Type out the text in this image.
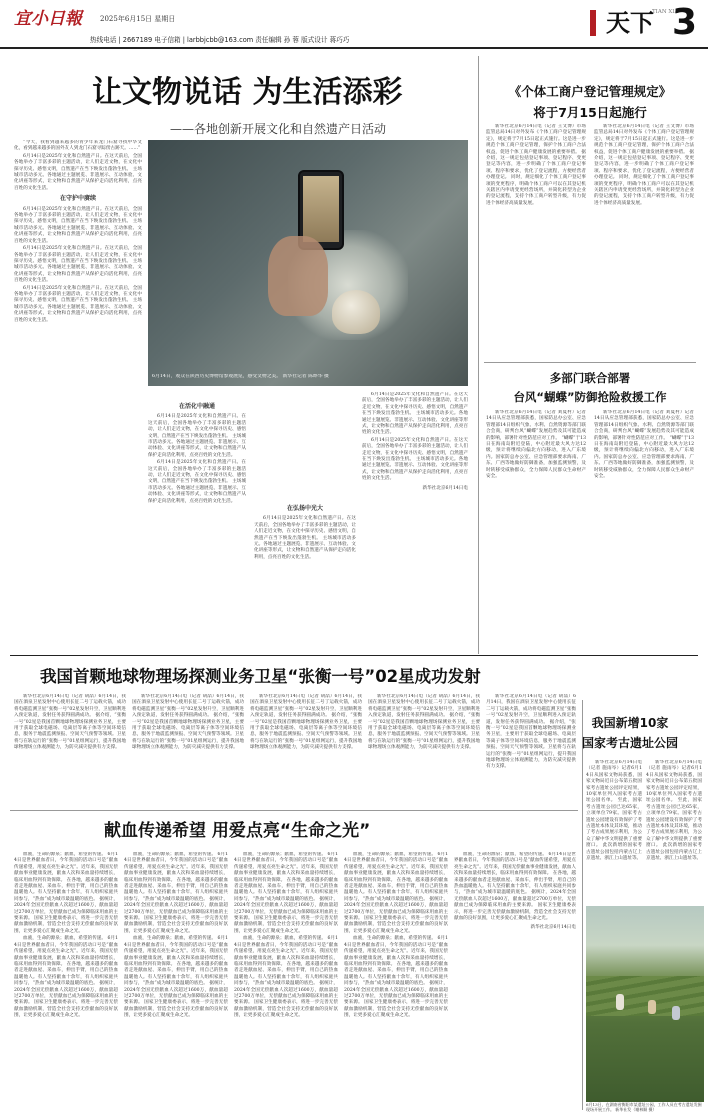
宜小日報	2025年6月15日 星期日
热线电话 | 2667189 电子信箱 | larbbjcbb@163.com 责任编辑 孙 蓉 版式设计 蒋巧巧
天下
TIAN XIA
3
让文物说话 为生活添彩
——各地创新开展文化和自然遗产日活动
6月14日，观众在陕西历史博物馆参观展览，感受文物之美。 新华社记者 陈晔华 摄

“今天，我看到越来越多的青少年来龙门石窟寻找中华文化，看到越来越多的国外友人到龙门石窟寻踪傍古跡天。……”

6月14日是2025年文化和自然遗产日。在这天前后，全国各地举办了丰富多彩的主题活动，让人们走近文物，在文化中探寻历史、感悟文明，自然遗产在当下焕发出蓬勃生机。 主场城市活动多元。各地通过主题展览、非遗展示、互动体验、文化讲座等形式，让文物和自然遗产从保护走向活化利用，点亮百姓的文化生活。

在守护中赓续

6月14日是2025年文化和自然遗产日。在这天前后，全国各地举办了丰富多彩的主题活动，让人们走近文物，在文化中探寻历史、感悟文明，自然遗产在当下焕发出蓬勃生机。 主场城市活动多元。各地通过主题展览、非遗展示、互动体验、文化讲座等形式，让文物和自然遗产从保护走向活化利用，点亮百姓的文化生活。

6月14日是2025年文化和自然遗产日。在这天前后，全国各地举办了丰富多彩的主题活动，让人们走近文物，在文化中探寻历史、感悟文明，自然遗产在当下焕发出蓬勃生机。 主场城市活动多元。各地通过主题展览、非遗展示、互动体验、文化讲座等形式，让文物和自然遗产从保护走向活化利用，点亮百姓的文化生活。

6月14日是2025年文化和自然遗产日。在这天前后，全国各地举办了丰富多彩的主题活动，让人们走近文物，在文化中探寻历史、感悟文明，自然遗产在当下焕发出蓬勃生机。 主场城市活动多元。各地通过主题展览、非遗展示、互动体验、文化讲座等形式，让文物和自然遗产从保护走向活化利用，点亮百姓的文化生活。

在活化中融通

6月14日是2025年文化和自然遗产日。在这天前后，全国各地举办了丰富多彩的主题活动，让人们走近文物，在文化中探寻历史、感悟文明，自然遗产在当下焕发出蓬勃生机。 主场城市活动多元。各地通过主题展览、非遗展示、互动体验、文化讲座等形式，让文物和自然遗产从保护走向活化利用，点亮百姓的文化生活。

6月14日是2025年文化和自然遗产日。在这天前后，全国各地举办了丰富多彩的主题活动，让人们走近文物，在文化中探寻历史、感悟文明，自然遗产在当下焕发出蓬勃生机。 主场城市活动多元。各地通过主题展览、非遗展示、互动体验、文化讲座等形式，让文物和自然遗产从保护走向活化利用，点亮百姓的文化生活。

在弘扬中光大

6月14日是2025年文化和自然遗产日。在这天前后，全国各地举办了丰富多彩的主题活动，让人们走近文物，在文化中探寻历史、感悟文明，自然遗产在当下焕发出蓬勃生机。 主场城市活动多元。各地通过主题展览、非遗展示、互动体验、文化讲座等形式，让文物和自然遗产从保护走向活化利用，点亮百姓的文化生活。

6月14日是2025年文化和自然遗产日。在这天前后，全国各地举办了丰富多彩的主题活动，让人们走近文物，在文化中探寻历史、感悟文明，自然遗产在当下焕发出蓬勃生机。 主场城市活动多元。各地通过主题展览、非遗展示、互动体验、文化讲座等形式，让文物和自然遗产从保护走向活化利用，点亮百姓的文化生活。

6月14日是2025年文化和自然遗产日。在这天前后，全国各地举办了丰富多彩的主题活动，让人们走近文物，在文化中探寻历史、感悟文明，自然遗产在当下焕发出蓬勃生机。 主场城市活动多元。各地通过主题展览、非遗展示、互动体验、文化讲座等形式，让文物和自然遗产从保护走向活化利用，点亮百姓的文化生活。

新华社北京6月14日电
《个体工商户登记管理规定》
将于7月15日起施行

新华社北京6月14日电（记者 王文博）市场监管总局14日对外发布《个体工商户登记管理规定》，规定将于7月15日起正式施行。这是进一步规范个体工商户登记管理，保护个体工商户合法权益，促进个体工商户健康发展的重要举措。 据介绍，这一规定包括登记事项、登记程序、变更登记等内容，进一步明确了个体工商户登记事项、程序和要求，优化了登记流程，方便经营者办理登记。 同时，规定细化了个体工商户登记事项的变更程序，明确个体工商户可以在其登记机关辖区内申请变更经营场所，并简化转型为企业的登记流程，支持个体工商户转型升级，有力促进个体经济高质量发展。

新华社北京6月14日电（记者 王文博）市场监管总局14日对外发布《个体工商户登记管理规定》，规定将于7月15日起正式施行。这是进一步规范个体工商户登记管理，保护个体工商户合法权益，促进个体工商户健康发展的重要举措。 据介绍，这一规定包括登记事项、登记程序、变更登记等内容，进一步明确了个体工商户登记事项、程序和要求，优化了登记流程，方便经营者办理登记。 同时，规定细化了个体工商户登记事项的变更程序，明确个体工商户可以在其登记机关辖区内申请变更经营场所，并简化转型为企业的登记流程，支持个体工商户转型升级，有力促进个体经济高质量发展。

多部门联合部署
台风“蝴蝶”防御抢险救援工作

新华社北京6月14日电（记者 刘夏村）记者14日从应急管理部获悉，国家防总办公室、应急管理部14日组织气象、水利、自然资源等部门联合会商，研判台风“蝴蝶”发展趋势及其可能造成的影响，部署针对性防范应对工作。 “蝴蝶”于13日在海南岛附近登陆，中心附近最大风力达12级，预计将继续向偏北方向移动，进入广东境内。国家防总办公室、应急管理部要求海南、广东、广西等地做好防御准备，加强监测预警，及时转移受威胁群众，全力保障人民群众生命财产安全。

新华社北京6月14日电（记者 刘夏村）记者14日从应急管理部获悉，国家防总办公室、应急管理部14日组织气象、水利、自然资源等部门联合会商，研判台风“蝴蝶”发展趋势及其可能造成的影响，部署针对性防范应对工作。 “蝴蝶”于13日在海南岛附近登陆，中心附近最大风力达12级，预计将继续向偏北方向移动，进入广东境内。国家防总办公室、应急管理部要求海南、广东、广西等地做好防御准备，加强监测预警，及时转移受威胁群众，全力保障人民群众生命财产安全。

我国首颗地球物理场探测业务卫星“张衡一号”02星成功发射

新华社北京6月14日电（记者 胡喆）6月14日，我国在酒泉卫星发射中心使用长征二号丁运载火箭，成功将电磁监测卫星“张衡一号”02星发射升空，卫星顺利进入预定轨道，发射任务获得圆满成功。 据介绍，“张衡一号”02星是我国首颗地球物理场探测业务卫星，主要用于获取全球电磁场、电离层等离子体等空间环境信息，服务于地震监测预报、空间天气预警等领域。卫星将与在轨运行的“张衡一号”01星组网运行，提升我国地球物理场立体观测能力，为防灾减灾提供有力支撑。

新华社北京6月14日电（记者 胡喆）6月14日，我国在酒泉卫星发射中心使用长征二号丁运载火箭，成功将电磁监测卫星“张衡一号”02星发射升空，卫星顺利进入预定轨道，发射任务获得圆满成功。 据介绍，“张衡一号”02星是我国首颗地球物理场探测业务卫星，主要用于获取全球电磁场、电离层等离子体等空间环境信息，服务于地震监测预报、空间天气预警等领域。卫星将与在轨运行的“张衡一号”01星组网运行，提升我国地球物理场立体观测能力，为防灾减灾提供有力支撑。

新华社北京6月14日电（记者 胡喆）6月14日，我国在酒泉卫星发射中心使用长征二号丁运载火箭，成功将电磁监测卫星“张衡一号”02星发射升空，卫星顺利进入预定轨道，发射任务获得圆满成功。 据介绍，“张衡一号”02星是我国首颗地球物理场探测业务卫星，主要用于获取全球电磁场、电离层等离子体等空间环境信息，服务于地震监测预报、空间天气预警等领域。卫星将与在轨运行的“张衡一号”01星组网运行，提升我国地球物理场立体观测能力，为防灾减灾提供有力支撑。

新华社北京6月14日电（记者 胡喆）6月14日，我国在酒泉卫星发射中心使用长征二号丁运载火箭，成功将电磁监测卫星“张衡一号”02星发射升空，卫星顺利进入预定轨道，发射任务获得圆满成功。 据介绍，“张衡一号”02星是我国首颗地球物理场探测业务卫星，主要用于获取全球电磁场、电离层等离子体等空间环境信息，服务于地震监测预报、空间天气预警等领域。卫星将与在轨运行的“张衡一号”01星组网运行，提升我国地球物理场立体观测能力，为防灾减灾提供有力支撑。

新华社北京6月14日电（记者 胡喆）6月14日，我国在酒泉卫星发射中心使用长征二号丁运载火箭，成功将电磁监测卫星“张衡一号”02星发射升空，卫星顺利进入预定轨道，发射任务获得圆满成功。 据介绍，“张衡一号”02星是我国首颗地球物理场探测业务卫星，主要用于获取全球电磁场、电离层等离子体等空间环境信息，服务于地震监测预报、空间天气预警等领域。卫星将与在轨运行的“张衡一号”01星组网运行，提升我国地球物理场立体观测能力，为防灾减灾提供有力支撑。

我国新增10家
国家考古遗址公园

新华社北京6月14日电（记者 施雨岑）记者6月14日从国家文物局获悉，国家文物局近日公布第五批国家考古遗址公园评定结果，10家单位列入国家考古遗址公园名单。 至此，国家考古遗址公园已达65家，立项单位79家。国家考古遗址公园建设有效保护了考古遗址本体及其环境，推动了考古成果展示利用，为公众了解中华文明提供了重要窗口。 此次新增的国家考古遗址公园包括内蒙古辽上京遗址、浙江上山遗址等。

新华社北京6月14日电（记者 施雨岑）记者6月14日从国家文物局获悉，国家文物局近日公布第五批国家考古遗址公园评定结果，10家单位列入国家考古遗址公园名单。 至此，国家考古遗址公园已达65家，立项单位79家。国家考古遗址公园建设有效保护了考古遗址本体及其环境，推动了考古成果展示利用，为公众了解中华文明提供了重要窗口。 此次新增的国家考古遗址公园包括内蒙古辽上京遗址、浙江上山遗址等。

献血传递希望 用爱点亮“生命之光”

血液，生命的源泉；献血，希望的传递。 6月14日是世界献血者日，今年我国的活动口号是“献血传递希望，用爱点亮生命之光”。近年来，我国无偿献血事业健康发展，献血人次和采血量持续增长，临床用血得到有效保障。 在各地，越来越多的献血者走进献血屋、采血车，伸出手臂，用自己的热血温暖他人。有人坚持献血十余年，有人组织家庭共同参与，“热血”成为城市最温暖的底色。 据统计，2024年全国无偿献血人次超过1600万，献血量超过2700万单位，无偿献血已成为保障临床用血的主要来源。 国家卫生健康委表示，将进一步完善无偿献血激励机制，营造全社会支持无偿献血的良好氛围，让更多爱心汇聚成生命之光。

血液，生命的源泉；献血，希望的传递。 6月14日是世界献血者日，今年我国的活动口号是“献血传递希望，用爱点亮生命之光”。近年来，我国无偿献血事业健康发展，献血人次和采血量持续增长，临床用血得到有效保障。 在各地，越来越多的献血者走进献血屋、采血车，伸出手臂，用自己的热血温暖他人。有人坚持献血十余年，有人组织家庭共同参与，“热血”成为城市最温暖的底色。 据统计，2024年全国无偿献血人次超过1600万，献血量超过2700万单位，无偿献血已成为保障临床用血的主要来源。 国家卫生健康委表示，将进一步完善无偿献血激励机制，营造全社会支持无偿献血的良好氛围，让更多爱心汇聚成生命之光。

血液，生命的源泉；献血，希望的传递。 6月14日是世界献血者日，今年我国的活动口号是“献血传递希望，用爱点亮生命之光”。近年来，我国无偿献血事业健康发展，献血人次和采血量持续增长，临床用血得到有效保障。 在各地，越来越多的献血者走进献血屋、采血车，伸出手臂，用自己的热血温暖他人。有人坚持献血十余年，有人组织家庭共同参与，“热血”成为城市最温暖的底色。 据统计，2024年全国无偿献血人次超过1600万，献血量超过2700万单位，无偿献血已成为保障临床用血的主要来源。 国家卫生健康委表示，将进一步完善无偿献血激励机制，营造全社会支持无偿献血的良好氛围，让更多爱心汇聚成生命之光。

血液，生命的源泉；献血，希望的传递。 6月14日是世界献血者日，今年我国的活动口号是“献血传递希望，用爱点亮生命之光”。近年来，我国无偿献血事业健康发展，献血人次和采血量持续增长，临床用血得到有效保障。 在各地，越来越多的献血者走进献血屋、采血车，伸出手臂，用自己的热血温暖他人。有人坚持献血十余年，有人组织家庭共同参与，“热血”成为城市最温暖的底色。 据统计，2024年全国无偿献血人次超过1600万，献血量超过2700万单位，无偿献血已成为保障临床用血的主要来源。 国家卫生健康委表示，将进一步完善无偿献血激励机制，营造全社会支持无偿献血的良好氛围，让更多爱心汇聚成生命之光。

血液，生命的源泉；献血，希望的传递。 6月14日是世界献血者日，今年我国的活动口号是“献血传递希望，用爱点亮生命之光”。近年来，我国无偿献血事业健康发展，献血人次和采血量持续增长，临床用血得到有效保障。 在各地，越来越多的献血者走进献血屋、采血车，伸出手臂，用自己的热血温暖他人。有人坚持献血十余年，有人组织家庭共同参与，“热血”成为城市最温暖的底色。 据统计，2024年全国无偿献血人次超过1600万，献血量超过2700万单位，无偿献血已成为保障临床用血的主要来源。 国家卫生健康委表示，将进一步完善无偿献血激励机制，营造全社会支持无偿献血的良好氛围，让更多爱心汇聚成生命之光。

血液，生命的源泉；献血，希望的传递。 6月14日是世界献血者日，今年我国的活动口号是“献血传递希望，用爱点亮生命之光”。近年来，我国无偿献血事业健康发展，献血人次和采血量持续增长，临床用血得到有效保障。 在各地，越来越多的献血者走进献血屋、采血车，伸出手臂，用自己的热血温暖他人。有人坚持献血十余年，有人组织家庭共同参与，“热血”成为城市最温暖的底色。 据统计，2024年全国无偿献血人次超过1600万，献血量超过2700万单位，无偿献血已成为保障临床用血的主要来源。 国家卫生健康委表示，将进一步完善无偿献血激励机制，营造全社会支持无偿献血的良好氛围，让更多爱心汇聚成生命之光。

血液，生命的源泉；献血，希望的传递。 6月14日是世界献血者日，今年我国的活动口号是“献血传递希望，用爱点亮生命之光”。近年来，我国无偿献血事业健康发展，献血人次和采血量持续增长，临床用血得到有效保障。 在各地，越来越多的献血者走进献血屋、采血车，伸出手臂，用自己的热血温暖他人。有人坚持献血十余年，有人组织家庭共同参与，“热血”成为城市最温暖的底色。 据统计，2024年全国无偿献血人次超过1600万，献血量超过2700万单位，无偿献血已成为保障临床用血的主要来源。 国家卫生健康委表示，将进一步完善无偿献血激励机制，营造全社会支持无偿献血的良好氛围，让更多爱心汇聚成生命之光。

血液，生命的源泉；献血，希望的传递。 6月14日是世界献血者日，今年我国的活动口号是“献血传递希望，用爱点亮生命之光”。近年来，我国无偿献血事业健康发展，献血人次和采血量持续增长，临床用血得到有效保障。 在各地，越来越多的献血者走进献血屋、采血车，伸出手臂，用自己的热血温暖他人。有人坚持献血十余年，有人组织家庭共同参与，“热血”成为城市最温暖的底色。 据统计，2024年全国无偿献血人次超过1600万，献血量超过2700万单位，无偿献血已成为保障临床用血的主要来源。 国家卫生健康委表示，将进一步完善无偿献血激励机制，营造全社会支持无偿献血的良好氛围，让更多爱心汇聚成生命之光。

血液，生命的源泉；献血，希望的传递。 6月14日是世界献血者日，今年我国的活动口号是“献血传递希望，用爱点亮生命之光”。近年来，我国无偿献血事业健康发展，献血人次和采血量持续增长，临床用血得到有效保障。 在各地，越来越多的献血者走进献血屋、采血车，伸出手臂，用自己的热血温暖他人。有人坚持献血十余年，有人组织家庭共同参与，“热血”成为城市最温暖的底色。 据统计，2024年全国无偿献血人次超过1600万，献血量超过2700万单位，无偿献血已成为保障临床用血的主要来源。 国家卫生健康委表示，将进一步完善无偿献血激励机制，营造全社会支持无偿献血的良好氛围，让更多爱心汇聚成生命之光。

新华社北京6月14日电
6月13日，在湖南省衡阳市某遗址公园，工作人员在考古遗址发掘现场开展工作。 新华社发（谢林顺 摄）
